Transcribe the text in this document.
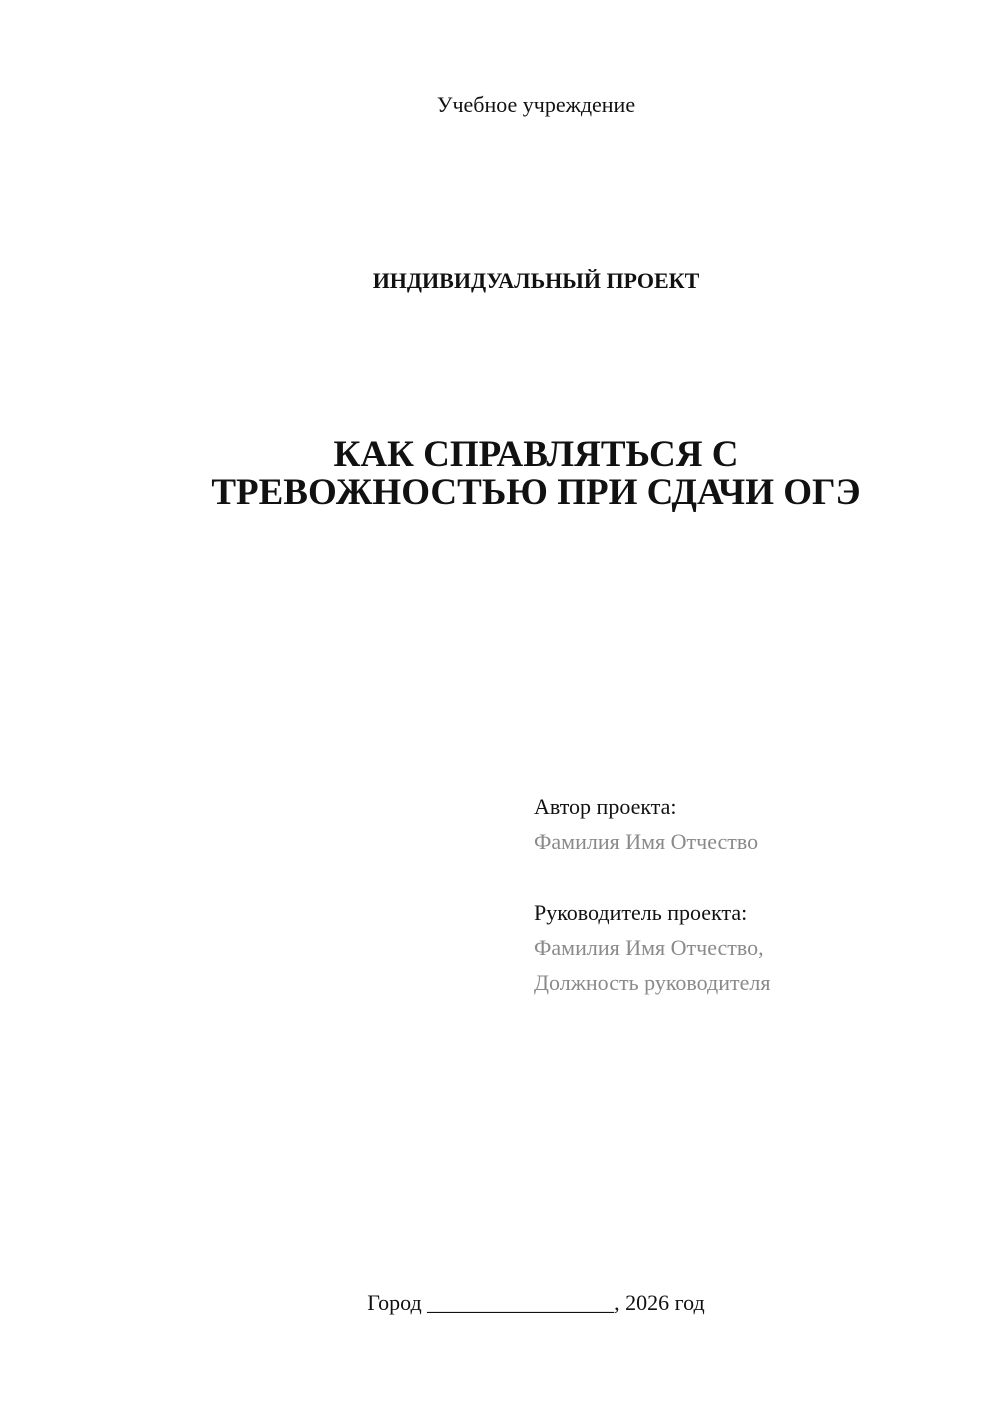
Учебное учреждение
ИНДИВИДУАЛЬНЫЙ ПРОЕКТ
КАК СПРАВЛЯТЬСЯ С
ТРЕВОЖНОСТЬЮ ПРИ СДАЧИ ОГЭ
Автор проекта:
Фамилия Имя Отчество
Руководитель проекта:
Фамилия Имя Отчество,
Должность руководителя
Город _________________, 2026 год
